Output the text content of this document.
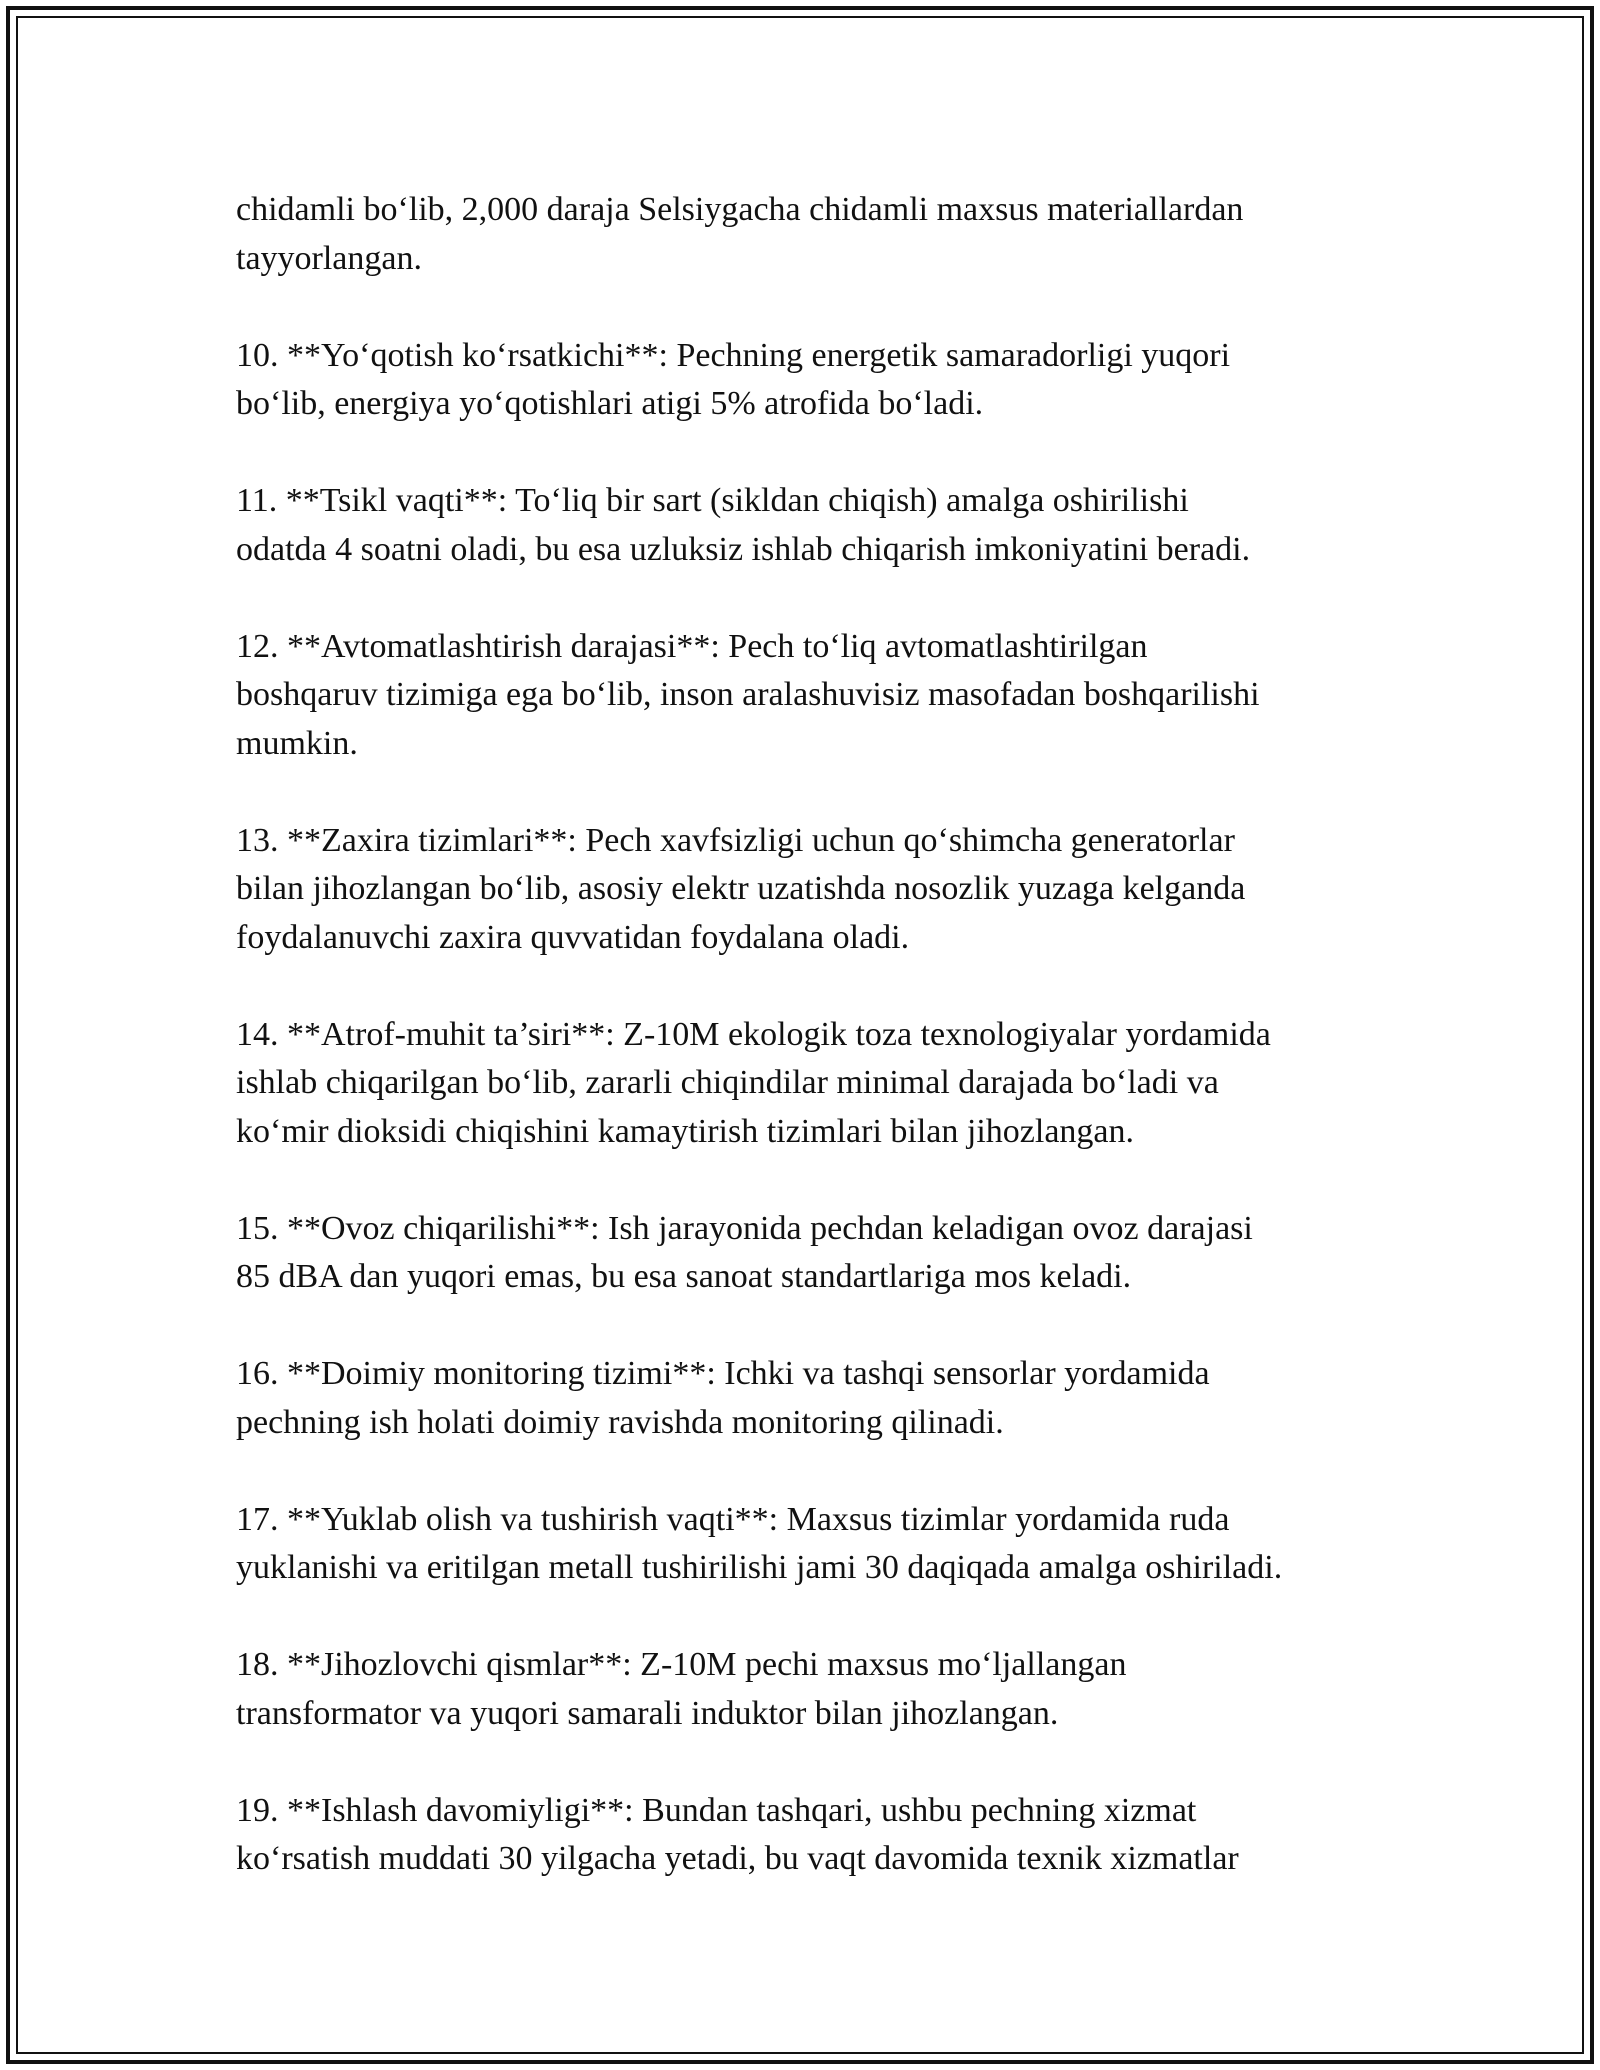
chidamli bo‘lib, 2,000 daraja Selsiygacha chidamli maxsus materiallardan
tayyorlangan.

10. **Yo‘qotish ko‘rsatkichi**: Pechning energetik samaradorligi yuqori
bo‘lib, energiya yo‘qotishlari atigi 5% atrofida bo‘ladi.

11. **Tsikl vaqti**: To‘liq bir sart (sikldan chiqish) amalga oshirilishi
odatda 4 soatni oladi, bu esa uzluksiz ishlab chiqarish imkoniyatini beradi.

12. **Avtomatlashtirish darajasi**: Pech to‘liq avtomatlashtirilgan
boshqaruv tizimiga ega bo‘lib, inson aralashuvisiz masofadan boshqarilishi
mumkin.

13. **Zaxira tizimlari**: Pech xavfsizligi uchun qo‘shimcha generatorlar
bilan jihozlangan bo‘lib, asosiy elektr uzatishda nosozlik yuzaga kelganda
foydalanuvchi zaxira quvvatidan foydalana oladi.

14. **Atrof-muhit ta’siri**: Z-10M ekologik toza texnologiyalar yordamida
ishlab chiqarilgan bo‘lib, zararli chiqindilar minimal darajada bo‘ladi va
ko‘mir dioksidi chiqishini kamaytirish tizimlari bilan jihozlangan.

15. **Ovoz chiqarilishi**: Ish jarayonida pechdan keladigan ovoz darajasi
85 dBA dan yuqori emas, bu esa sanoat standartlariga mos keladi.

16. **Doimiy monitoring tizimi**: Ichki va tashqi sensorlar yordamida
pechning ish holati doimiy ravishda monitoring qilinadi.

17. **Yuklab olish va tushirish vaqti**: Maxsus tizimlar yordamida ruda
yuklanishi va eritilgan metall tushirilishi jami 30 daqiqada amalga oshiriladi.

18. **Jihozlovchi qismlar**: Z-10M pechi maxsus mo‘ljallangan
transformator va yuqori samarali induktor bilan jihozlangan.

19. **Ishlash davomiyligi**: Bundan tashqari, ushbu pechning xizmat
ko‘rsatish muddati 30 yilgacha yetadi, bu vaqt davomida texnik xizmatlar
